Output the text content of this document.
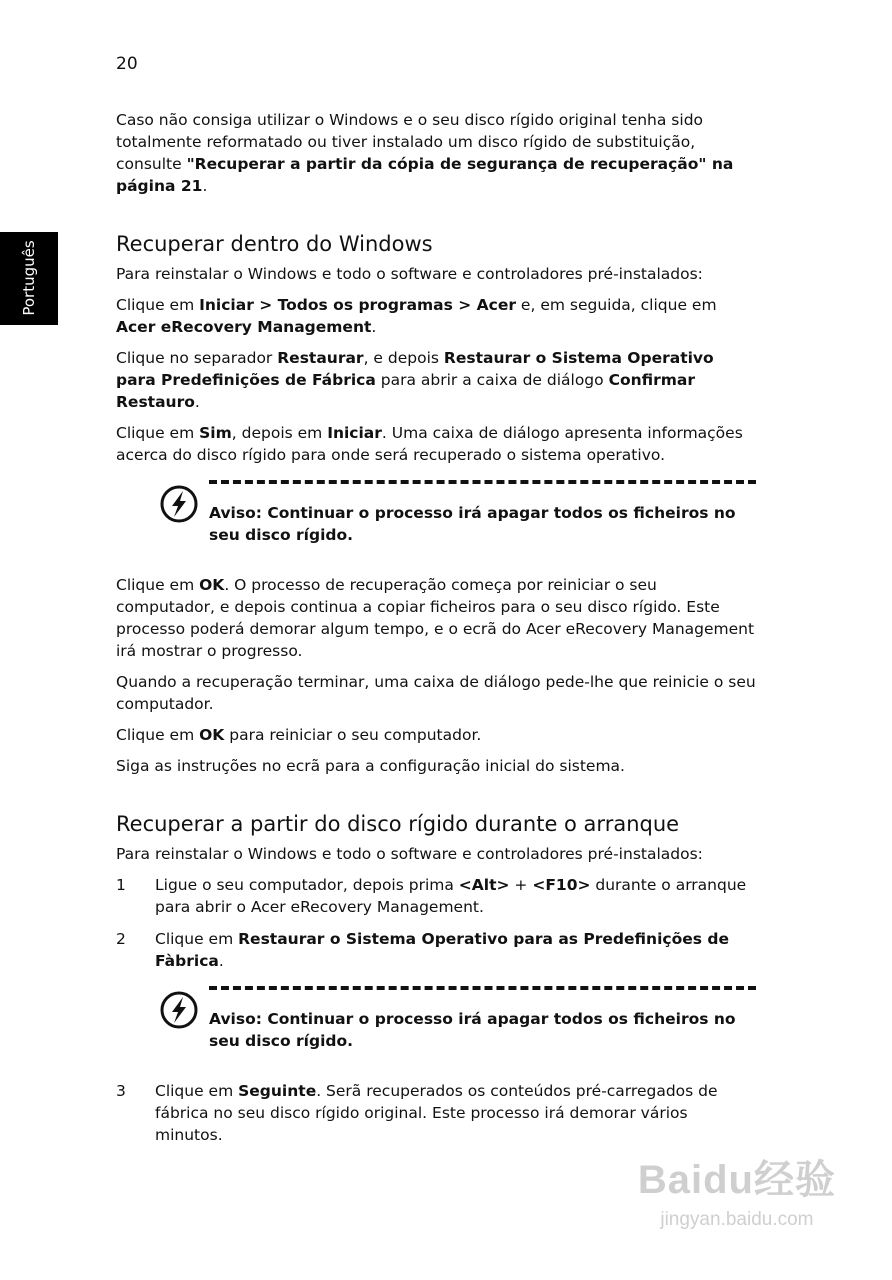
20
Português

Caso não consiga utilizar o Windows e o seu disco rígido original tenha sido totalmente reformatado ou tiver instalado um disco rígido de substituição, consulte "Recuperar a partir da cópia de segurança de recuperação" na página 21.

Recuperar dentro do Windows

Para reinstalar o Windows e todo o software e controladores pré-instalados:

Clique em Iniciar > Todos os programas > Acer e, em seguida, clique em
Acer eRecovery Management.

Clique no separador Restaurar, e depois Restaurar o Sistema Operativo para Predefinições de Fábrica para abrir a caixa de diálogo Confirmar Restauro.

Clique em Sim, depois em Iniciar. Uma caixa de diálogo apresenta informações acerca do disco rígido para onde será recuperado o sistema operativo.

Aviso: Continuar o processo irá apagar todos os ficheiros no seu disco rígido.

Clique em OK. O processo de recuperação começa por reiniciar o seu computador, e depois continua a copiar ficheiros para o seu disco rígido. Este processo poderá demorar algum tempo, e o ecrã do Acer eRecovery Management irá mostrar o progresso.

Quando a recuperação terminar, uma caixa de diálogo pede-lhe que reinicie o seu computador.

Clique em OK para reiniciar o seu computador.

Siga as instruções no ecrã para a configuração inicial do sistema.

Recuperar a partir do disco rígido durante o arranque

Para reinstalar o Windows e todo o software e controladores pré-instalados:

1 Ligue o seu computador, depois prima <Alt> + <F10> durante o arranque para abrir o Acer eRecovery Management.
2 Clique em Restaurar o Sistema Operativo para as Predefinições de Fàbrica.
Aviso: Continuar o processo irá apagar todos os ficheiros no seu disco rígido.
3 Clique em Seguinte. Serã recuperados os conteúdos pré-carregados de fábrica no seu disco rígido original. Este processo irá demorar vários minutos.
Baidu经验
jingyan.baidu.com
